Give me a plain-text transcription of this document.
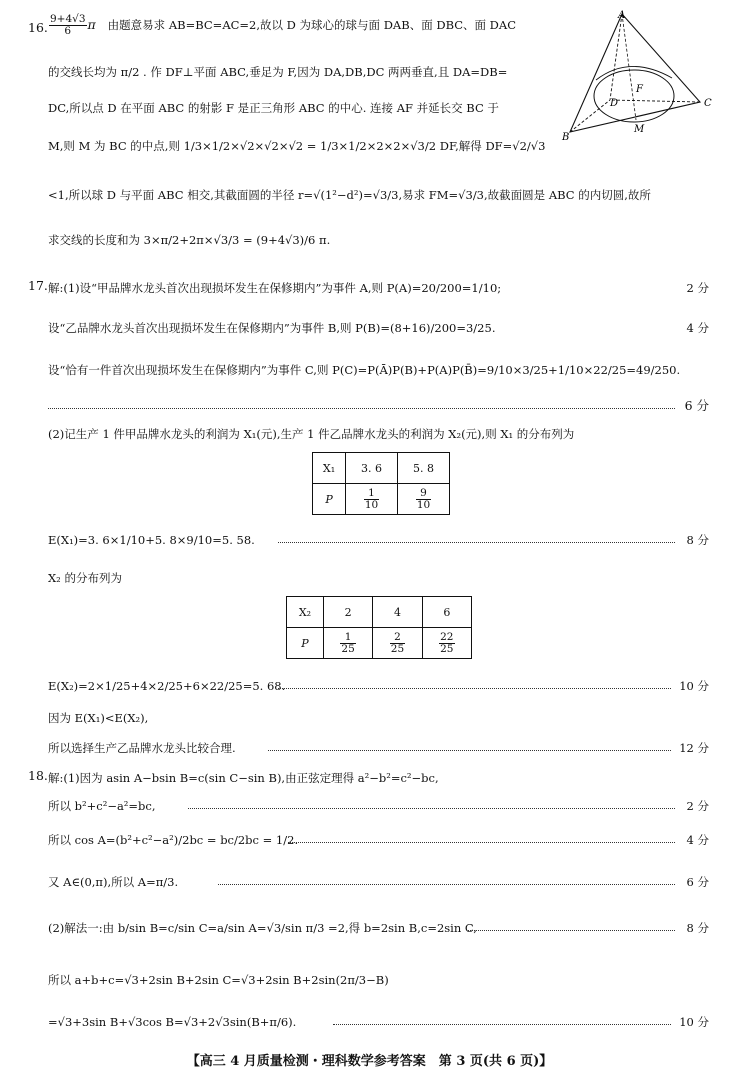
16. $\frac{9+4√3}{6}$ π 由题意易求 AB=BC=AC=2,故以 D 为球心的球与面 DAB、面 DBC、面 DAC
的交线长均为 π/2 . 作 DF⊥平面 ABC,垂足为 F,因为 DA,DB,DC 两两垂直,且 DA=DB=
DC,所以点 D 在平面 ABC 的射影 F 是正三角形 ABC 的中心. 连接 AF 并延长交 BC 于
M,则 M 为 BC 的中点,则 1/3×1/2×√2×√2×√2 = 1/3×1/2×2×2×√3/2 DF,解得 DF=√2/√3
<1,所以球 D 与平面 ABC 相交,其截面圆的半径 r=√(1²−d²)=√3/3,易求 FM=√3/3,故截面圆是 ABC 的内切圆,故所
求交线的长度和为 3×π/2+2π×√3/3 = (9+4√3)/6 π.
A
B
C
D
F
M
17. 解:(1)设“甲品牌水龙头首次出现损坏发生在保修期内”为事件 A,则 P(A)=20/200=1/10;	2 分
设“乙品牌水龙头首次出现损坏发生在保修期内”为事件 B,则 P(B)=(8+16)/200=3/25.	4 分
设“恰有一件首次出现损坏发生在保修期内”为事件 C,则 P(C)=P(Ā)P(B)+P(A)P(B̄)=9/10×3/25+1/10×22/25=49/250.
6 分
(2)记生产 1 件甲品牌水龙头的利润为 X₁(元),生产 1 件乙品牌水龙头的利润为 X₂(元),则 X₁ 的分布列为
X₁	3. 6	5. 8
P	$\frac{1}{10}$	$\frac{9}{10}$
E(X₁)=3. 6×1/10+5. 8×9/10=5. 58.	8 分
X₂ 的分布列为
X₂	2	4	6
P	$\frac{1}{25}$	$\frac{2}{25}$	$\frac{22}{25}$
E(X₂)=2×1/25+4×2/25+6×22/25=5. 68.	10 分
因为 E(X₁)<E(X₂),
所以选择生产乙品牌水龙头比较合理.	12 分
18. 解:(1)因为 asin A−bsin B=c(sin C−sin B),由正弦定理得 a²−b²=c²−bc,
所以 b²+c²−a²=bc,	2 分
所以 cos A=(b²+c²−a²)/2bc = bc/2bc = 1/2.	4 分
又 A∈(0,π),所以 A=π/3.	6 分
(2)解法一:由 b/sin B=c/sin C=a/sin A=√3/sin π/3 =2,得 b=2sin B,c=2sin C,	8 分
所以 a+b+c=√3+2sin B+2sin C=√3+2sin B+2sin(2π/3−B)
=√3+3sin B+√3cos B=√3+2√3sin(B+π/6).	10 分
【高三 4 月质量检测・理科数学参考答案　第 3 页(共 6 页)】
